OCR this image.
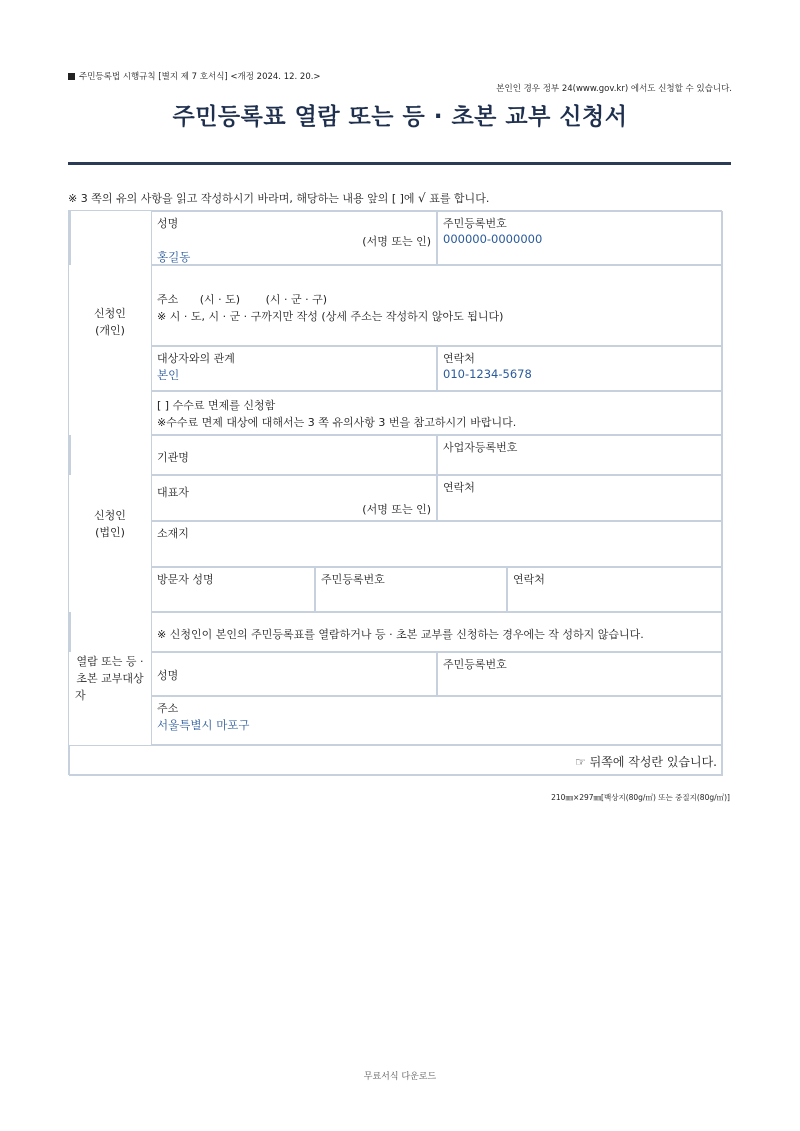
주민등록법 시행규칙 [별지 제 7 호서식] <개정 2024. 12. 20.>
본인인 경우 정부 24(www.gov.kr) 에서도 신청할 수 있습니다.
주민등록표 열람 또는 등 · 초본 교부 신청서
※ 3 쪽의 유의 사항을 읽고 작성하시기 바라며, 해당하는 내용 앞의 [ ]에 √ 표를 합니다.
신청인
(개인)
성명
(서명 또는 인)
홍길동
주민등록번호
000000-0000000
주소 (시 · 도) (시 · 군 · 구)
※ 시 · 도, 시 · 군 · 구까지만 작성 (상세 주소는 작성하지 않아도 됩니다)
대상자와의 관계
본인
연락처
010-1234-5678
[ ] 수수료 면제를 신청함
※수수료 면제 대상에 대해서는 3 쪽 유의사항 3 번을 참고하시기 바랍니다.
신청인
(법인)
기관명
사업자등록번호
대표자
(서명 또는 인)
연락처
소재지
방문자 성명	주민등록번호	연락처
열람 또는 등 ·
초본 교부대상
자
※ 신청인이 본인의 주민등록표를 열람하거나 등 · 초본 교부를 신청하는 경우에는 작 성하지 않습니다.
성명
주민등록번호
주소
서울특별시 마포구
☞ 뒤쪽에 작성란 있습니다.
210㎜×297㎜[백상지(80g/㎡) 또는 중질지(80g/㎡)]
무료서식 다운로드
